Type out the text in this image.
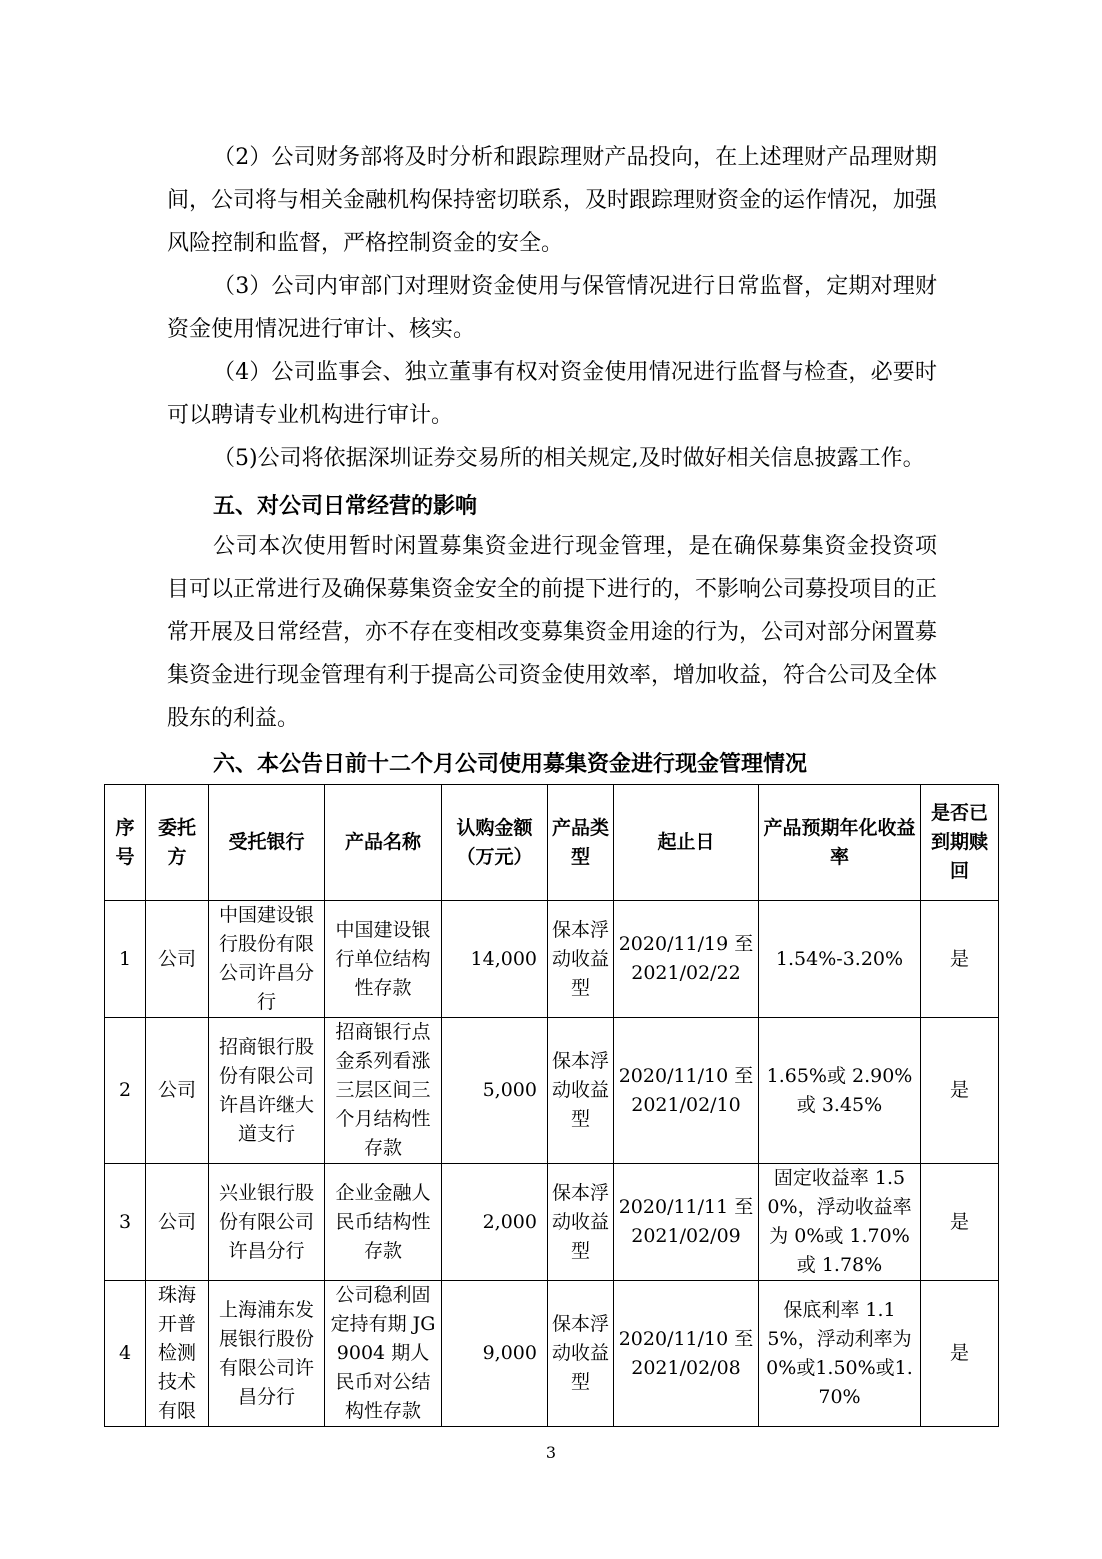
（2）公司财务部将及时分析和跟踪理财产品投向，在上述理财产品理财期间，公司将与相关金融机构保持密切联系，及时跟踪理财资金的运作情况，加强风险控制和监督，严格控制资金的安全。

（3）公司内审部门对理财资金使用与保管情况进行日常监督，定期对理财资金使用情况进行审计、核实。

（4）公司监事会、独立董事有权对资金使用情况进行监督与检查，必要时可以聘请专业机构进行审计。

（5)公司将依据深圳证券交易所的相关规定,及时做好相关信息披露工作。

五、对公司日常经营的影响

公司本次使用暂时闲置募集资金进行现金管理，是在确保募集资金投资项目可以正常进行及确保募集资金安全的前提下进行的，不影响公司募投项目的正常开展及日常经营，亦不存在变相改变募集资金用途的行为，公司对部分闲置募集资金进行现金管理有利于提高公司资金使用效率，增加收益，符合公司及全体股东的利益。

六、本公告日前十二个月公司使用募集资金进行现金管理情况

序号	委托方	受托银行	产品名称	认购金额（万元）	产品类型	起止日	产品预期年化收益率	是否已到期赎回
1	公司	中国建设银行股份有限公司许昌分行	中国建设银行单位结构性存款	14,000	保本浮动收益型	2020/11/19 至 2021/02/22	1.54%-3.20%	是
2	公司	招商银行股份有限公司许昌许继大道支行	招商银行点金系列看涨三层区间三个月结构性存款	5,000	保本浮动收益型	2020/11/10 至 2021/02/10	1.65%或 2.90%或 3.45%	是
3	公司	兴业银行股份有限公司许昌分行	企业金融人民币结构性存款	2,000	保本浮动收益型	2020/11/11 至 2021/02/09	固定收益率 1.50%，浮动收益率为 0%或 1.70%或 1.78%	是
4	珠海开普检测技术有限	上海浦东发展银行股份有限公司许昌分行	公司稳利固定持有期 JG9004 期人民币对公结构性存款	9,000	保本浮动收益型	2020/11/10 至 2021/02/08	保底利率 1.15%，浮动利率为 0%或1.50%或1.70%	是
3
